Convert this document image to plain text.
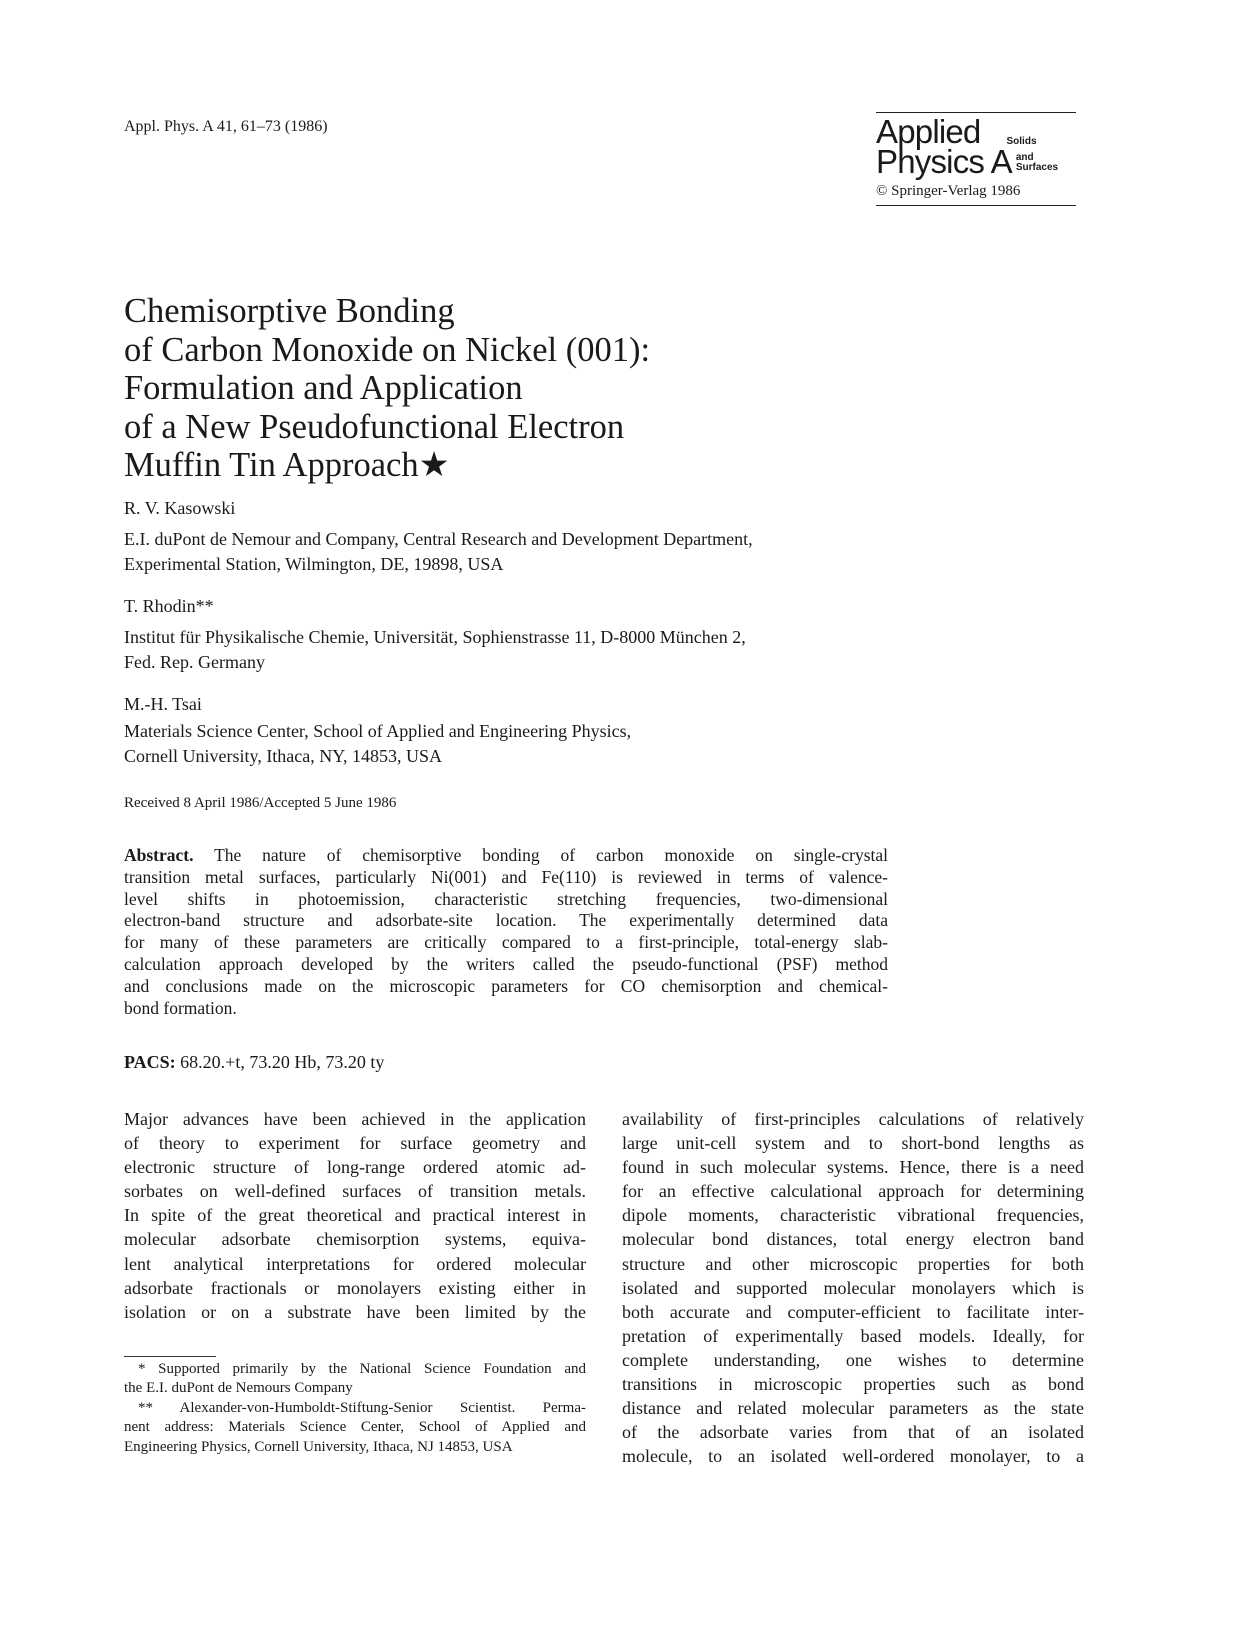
Appl. Phys. A 41, 61–73 (1986)	Applied	Solids
Physics A and
Surfaces
© Springer-Verlag 1986
Chemisorptive Bonding
of Carbon Monoxide on Nickel (001):
Formulation and Application
of a New Pseudofunctional Electron
Muffin Tin Approach★
R. V. Kasowski
E.I. duPont de Nemour and Company, Central Research and Development Department,
Experimental Station, Wilmington, DE, 19898, USA
T. Rhodin**
Institut für Physikalische Chemie, Universität, Sophienstrasse 11, D-8000 München 2,
Fed. Rep. Germany
M.-H. Tsai
Materials Science Center, School of Applied and Engineering Physics,
Cornell University, Ithaca, NY, 14853, USA
Received 8 April 1986/Accepted 5 June 1986
Abstract. The nature of chemisorptive bonding of carbon monoxide on single-crystal
transition metal surfaces, particularly Ni(001) and Fe(110) is reviewed in terms of valence-
level shifts in photoemission, characteristic stretching frequencies, two-dimensional
electron-band structure and adsorbate-site location. The experimentally determined data
for many of these parameters are critically compared to a first-principle, total-energy slab-
calculation approach developed by the writers called the pseudo-functional (PSF) method
and conclusions made on the microscopic parameters for CO chemisorption and chemical-
bond formation.
PACS: 68.20.+t, 73.20 Hb, 73.20 ty
Major advances have been achieved in the application
of theory to experiment for surface geometry and
electronic structure of long-range ordered atomic ad-
sorbates on well-defined surfaces of transition metals.
In spite of the great theoretical and practical interest in
molecular adsorbate chemisorption systems, equiva-
lent analytical interpretations for ordered molecular
adsorbate fractionals or monolayers existing either in
isolation or on a substrate have been limited by the
* Supported primarily by the National Science Foundation and
the E.I. duPont de Nemours Company
** Alexander-von-Humboldt-Stiftung-Senior Scientist. Perma-
nent address: Materials Science Center, School of Applied and
Engineering Physics, Cornell University, Ithaca, NJ 14853, USA
availability of first-principles calculations of relatively
large unit-cell system and to short-bond lengths as
found in such molecular systems. Hence, there is a need
for an effective calculational approach for determining
dipole moments, characteristic vibrational frequencies,
molecular bond distances, total energy electron band
structure and other microscopic properties for both
isolated and supported molecular monolayers which is
both accurate and computer-efficient to facilitate inter-
pretation of experimentally based models. Ideally, for
complete understanding, one wishes to determine
transitions in microscopic properties such as bond
distance and related molecular parameters as the state
of the adsorbate varies from that of an isolated
molecule, to an isolated well-ordered monolayer, to a
